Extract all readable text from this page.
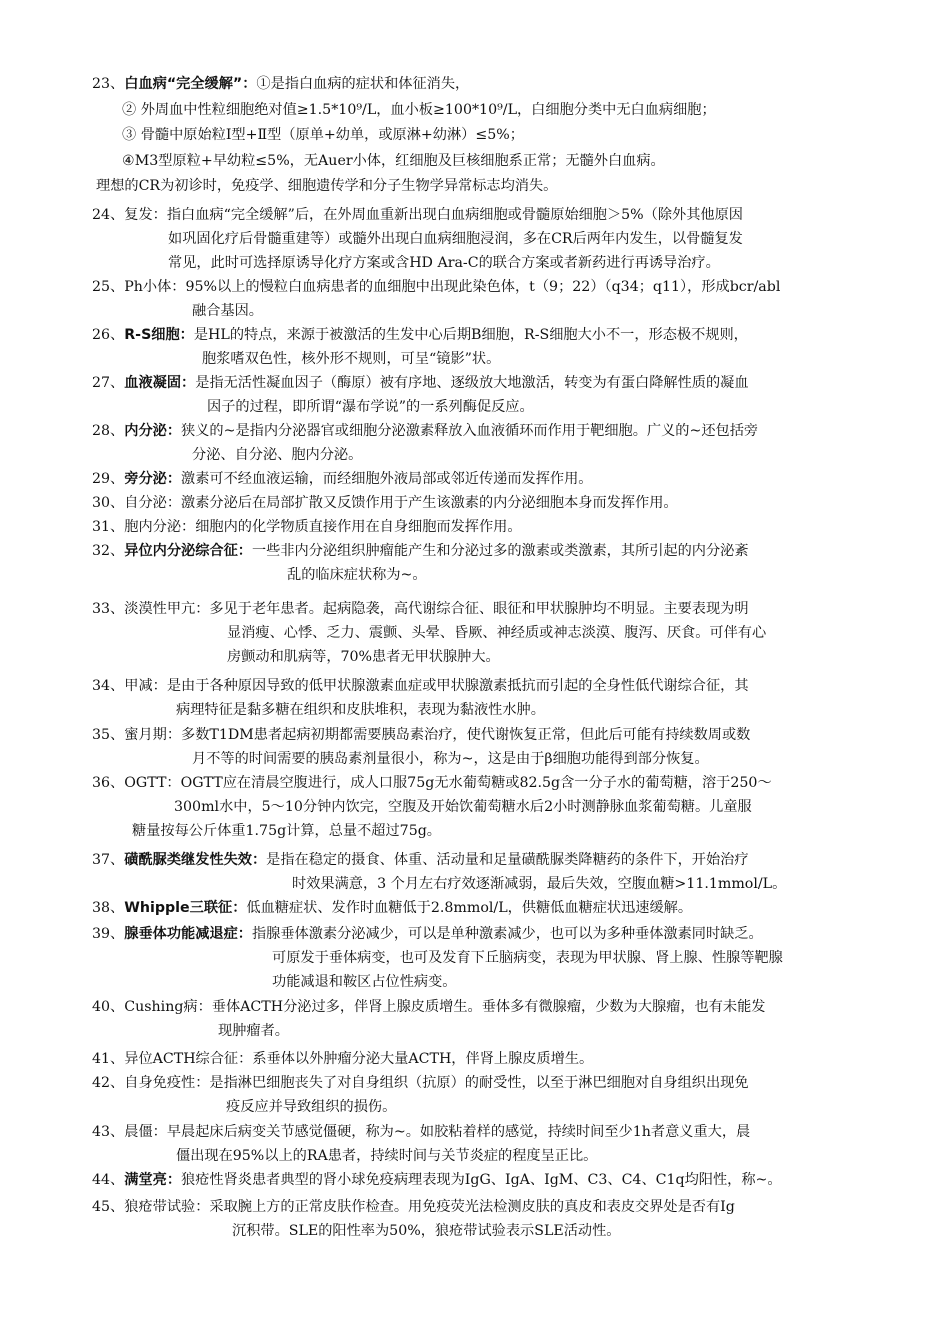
23、白血病“完全缓解”：①是指白血病的症状和体征消失，
② 外周血中性粒细胞绝对值≥1.5*10⁹/L，血小板≥100*10⁹/L，白细胞分类中无白血病细胞；
③ 骨髓中原始粒Ⅰ型+Ⅱ型（原单+幼单，或原淋+幼淋）≤5%；
④M3型原粒+早幼粒≤5%，无Auer小体，红细胞及巨核细胞系正常；无髓外白血病。
理想的CR为初诊时，免疫学、细胞遗传学和分子生物学异常标志均消失。
24、复发：指白血病“完全缓解”后，在外周血重新出现白血病细胞或骨髓原始细胞＞5%（除外其他原因
如巩固化疗后骨髓重建等）或髓外出现白血病细胞浸润，多在CR后两年内发生，以骨髓复发
常见，此时可选择原诱导化疗方案或含HD Ara-C的联合方案或者新药进行再诱导治疗。
25、Ph小体：95%以上的慢粒白血病患者的血细胞中出现此染色体，t（9；22）（q34；q11），形成bcr/abl
融合基因。
26、R-S细胞：是HL的特点，来源于被激活的生发中心后期B细胞，R-S细胞大小不一，形态极不规则，
胞浆嗜双色性，核外形不规则，可呈“镜影”状。
27、血液凝固：是指无活性凝血因子（酶原）被有序地、逐级放大地激活，转变为有蛋白降解性质的凝血
因子的过程，即所谓“瀑布学说”的一系列酶促反应。
28、内分泌：狭义的~是指内分泌器官或细胞分泌激素释放入血液循环而作用于靶细胞。广义的~还包括旁
分泌、自分泌、胞内分泌。
29、旁分泌：激素可不经血液运输，而经细胞外液局部或邻近传递而发挥作用。
30、自分泌：激素分泌后在局部扩散又反馈作用于产生该激素的内分泌细胞本身而发挥作用。
31、胞内分泌：细胞内的化学物质直接作用在自身细胞而发挥作用。
32、异位内分泌综合征：一些非内分泌组织肿瘤能产生和分泌过多的激素或类激素，其所引起的内分泌紊
乱的临床症状称为~。
33、淡漠性甲亢：多见于老年患者。起病隐袭，高代谢综合征、眼征和甲状腺肿均不明显。主要表现为明
显消瘦、心悸、乏力、震颤、头晕、昏厥、神经质或神志淡漠、腹泻、厌食。可伴有心
房颤动和肌病等，70%患者无甲状腺肿大。
34、甲减：是由于各种原因导致的低甲状腺激素血症或甲状腺激素抵抗而引起的全身性低代谢综合征，其
病理特征是黏多糖在组织和皮肤堆积，表现为黏液性水肿。
35、蜜月期：多数T1DM患者起病初期都需要胰岛素治疗，使代谢恢复正常，但此后可能有持续数周或数
月不等的时间需要的胰岛素剂量很小，称为~，这是由于β细胞功能得到部分恢复。
36、OGTT：OGTT应在清晨空腹进行，成人口服75g无水葡萄糖或82.5g含一分子水的葡萄糖，溶于250～
300ml水中，5～10分钟内饮完，空腹及开始饮葡萄糖水后2小时测静脉血浆葡萄糖。儿童服
糖量按每公斤体重1.75g计算，总量不超过75g。
37、磺酰脲类继发性失效：是指在稳定的摄食、体重、活动量和足量磺酰脲类降糖药的条件下，开始治疗
时效果满意，3 个月左右疗效逐渐减弱，最后失效，空腹血糖>11.1mmol/L。
38、Whipple三联征：低血糖症状、发作时血糖低于2.8mmol/L，供糖低血糖症状迅速缓解。
39、腺垂体功能减退症：指腺垂体激素分泌减少，可以是单种激素减少，也可以为多种垂体激素同时缺乏。
可原发于垂体病变，也可及发育下丘脑病变，表现为甲状腺、肾上腺、性腺等靶腺
功能减退和鞍区占位性病变。
40、Cushing病：垂体ACTH分泌过多，伴肾上腺皮质增生。垂体多有微腺瘤，少数为大腺瘤，也有未能发
现肿瘤者。
41、异位ACTH综合征：系垂体以外肿瘤分泌大量ACTH，伴肾上腺皮质增生。
42、自身免疫性：是指淋巴细胞丧失了对自身组织（抗原）的耐受性，以至于淋巴细胞对自身组织出现免
疫反应并导致组织的损伤。
43、晨僵：早晨起床后病变关节感觉僵硬，称为~。如胶粘着样的感觉，持续时间至少1h者意义重大，晨
僵出现在95%以上的RA患者，持续时间与关节炎症的程度呈正比。
44、满堂亮：狼疮性肾炎患者典型的肾小球免疫病理表现为IgG、IgA、IgM、C3、C4、C1q均阳性，称~。
45、狼疮带试验：采取腕上方的正常皮肤作检查。用免疫荧光法检测皮肤的真皮和表皮交界处是否有Ig
沉积带。SLE的阳性率为50%，狼疮带试验表示SLE活动性。
